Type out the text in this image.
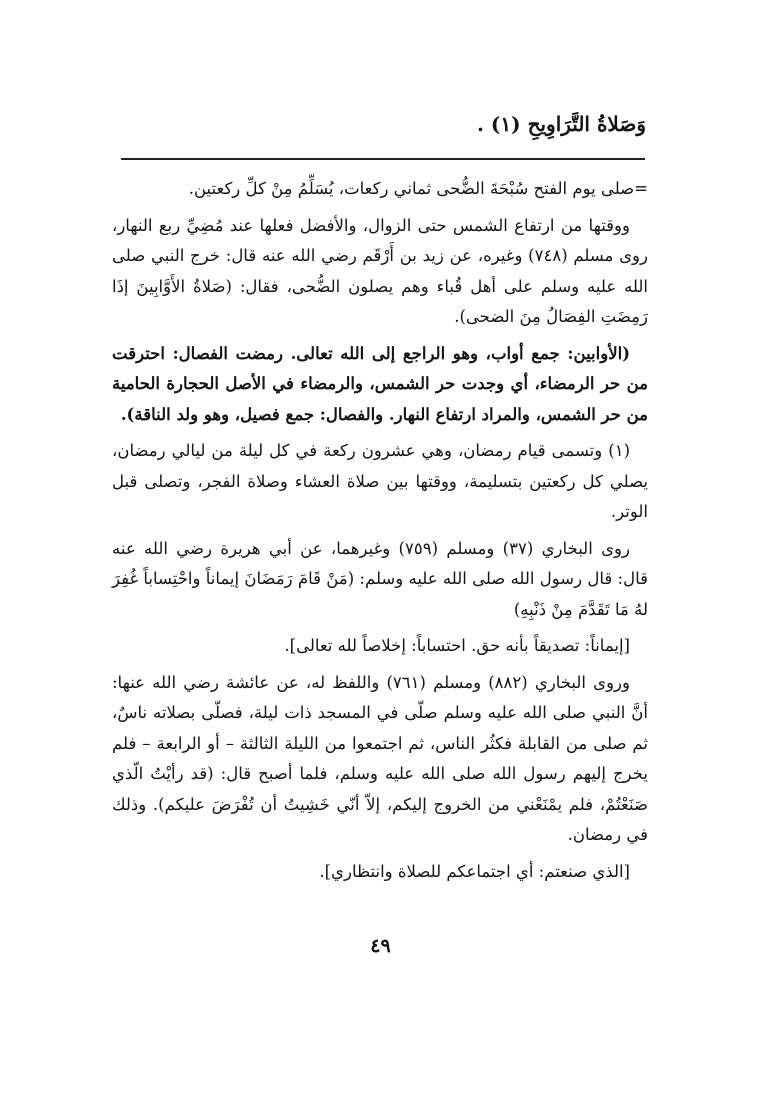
وَصَلاةُ التَّرَاوِيحِ (١) .

=صلى يوم الفتح سُبْحَةَ الضُّحى ثماني ركعات، يُسَلِّمُ مِنْ كلِّ ركعتين.

ووقتها من ارتفاع الشمس حتى الزوال، والأفضل فعلها عند مُضِيِّ ربع النهار، روى مسلم (٧٤٨) وغيره، عن زيد بن أَرْقَم رضي الله عنه قال: خرج النبي صلى الله عليه وسلم على أهل قُباء وهم يصلون الضُّحى، فقال: (صَلاةُ الأَوَّابِينَ إذَا رَمِضَتِ الفِصَالُ مِنَ الضحى).

(الأوابين: جمع أواب، وهو الراجع إلى الله تعالى. رمضت الفصال: احترقت من حر الرمضاء، أي وجدت حر الشمس، والرمضاء في الأصل الحجارة الحامية من حر الشمس، والمراد ارتفاع النهار. والفصال: جمع فصيل، وهو ولد الناقة).

(١) وتسمى قيام رمضان، وهي عشرون ركعة في كل ليلة من ليالي رمضان، يصلي كل ركعتين بتسليمة، ووقتها بين صلاة العشاء وصلاة الفجر، وتصلى قبل الوتر.

روى البخاري (٣٧) ومسلم (٧٥٩) وغيرهما، عن أبي هريرة رضي الله عنه قال: قال رسول الله صلى الله عليه وسلم: (مَنْ قَامَ رَمَضَانَ إيماناً واحْتِساباً غُفِرَ لهُ مَا تَقَدَّمَ مِنْ ذَنْبِهِ)

[إيماناً: تصديقاً بأنه حق. احتساباً: إخلاصاً لله تعالى].

وروى البخاري (٨٨٢) ومسلم (٧٦١) واللفظ له، عن عائشة رضي الله عنها: أنَّ النبي صلى الله عليه وسلم صلّى في المسجد ذات ليلة، فصلّى بصلاته ناسٌ، ثم صلى من القابلة فكثُر الناس، ثم اجتمعوا من الليلة الثالثة – أو الرابعة – فلم يخرج إليهم رسول الله صلى الله عليه وسلم، فلما أصبح قال: (قد رأيْتُ الّذي صَنَعْتُمْ، فلم يمْنَعْني من الخروج إليكم، إلاّ أنّي خَشِيتُ أن تُفْرَضَ عليكم). وذلك في رمضان.

[الذي صنعتم: أي اجتماعكم للصلاة وانتظاري].

٤٩
